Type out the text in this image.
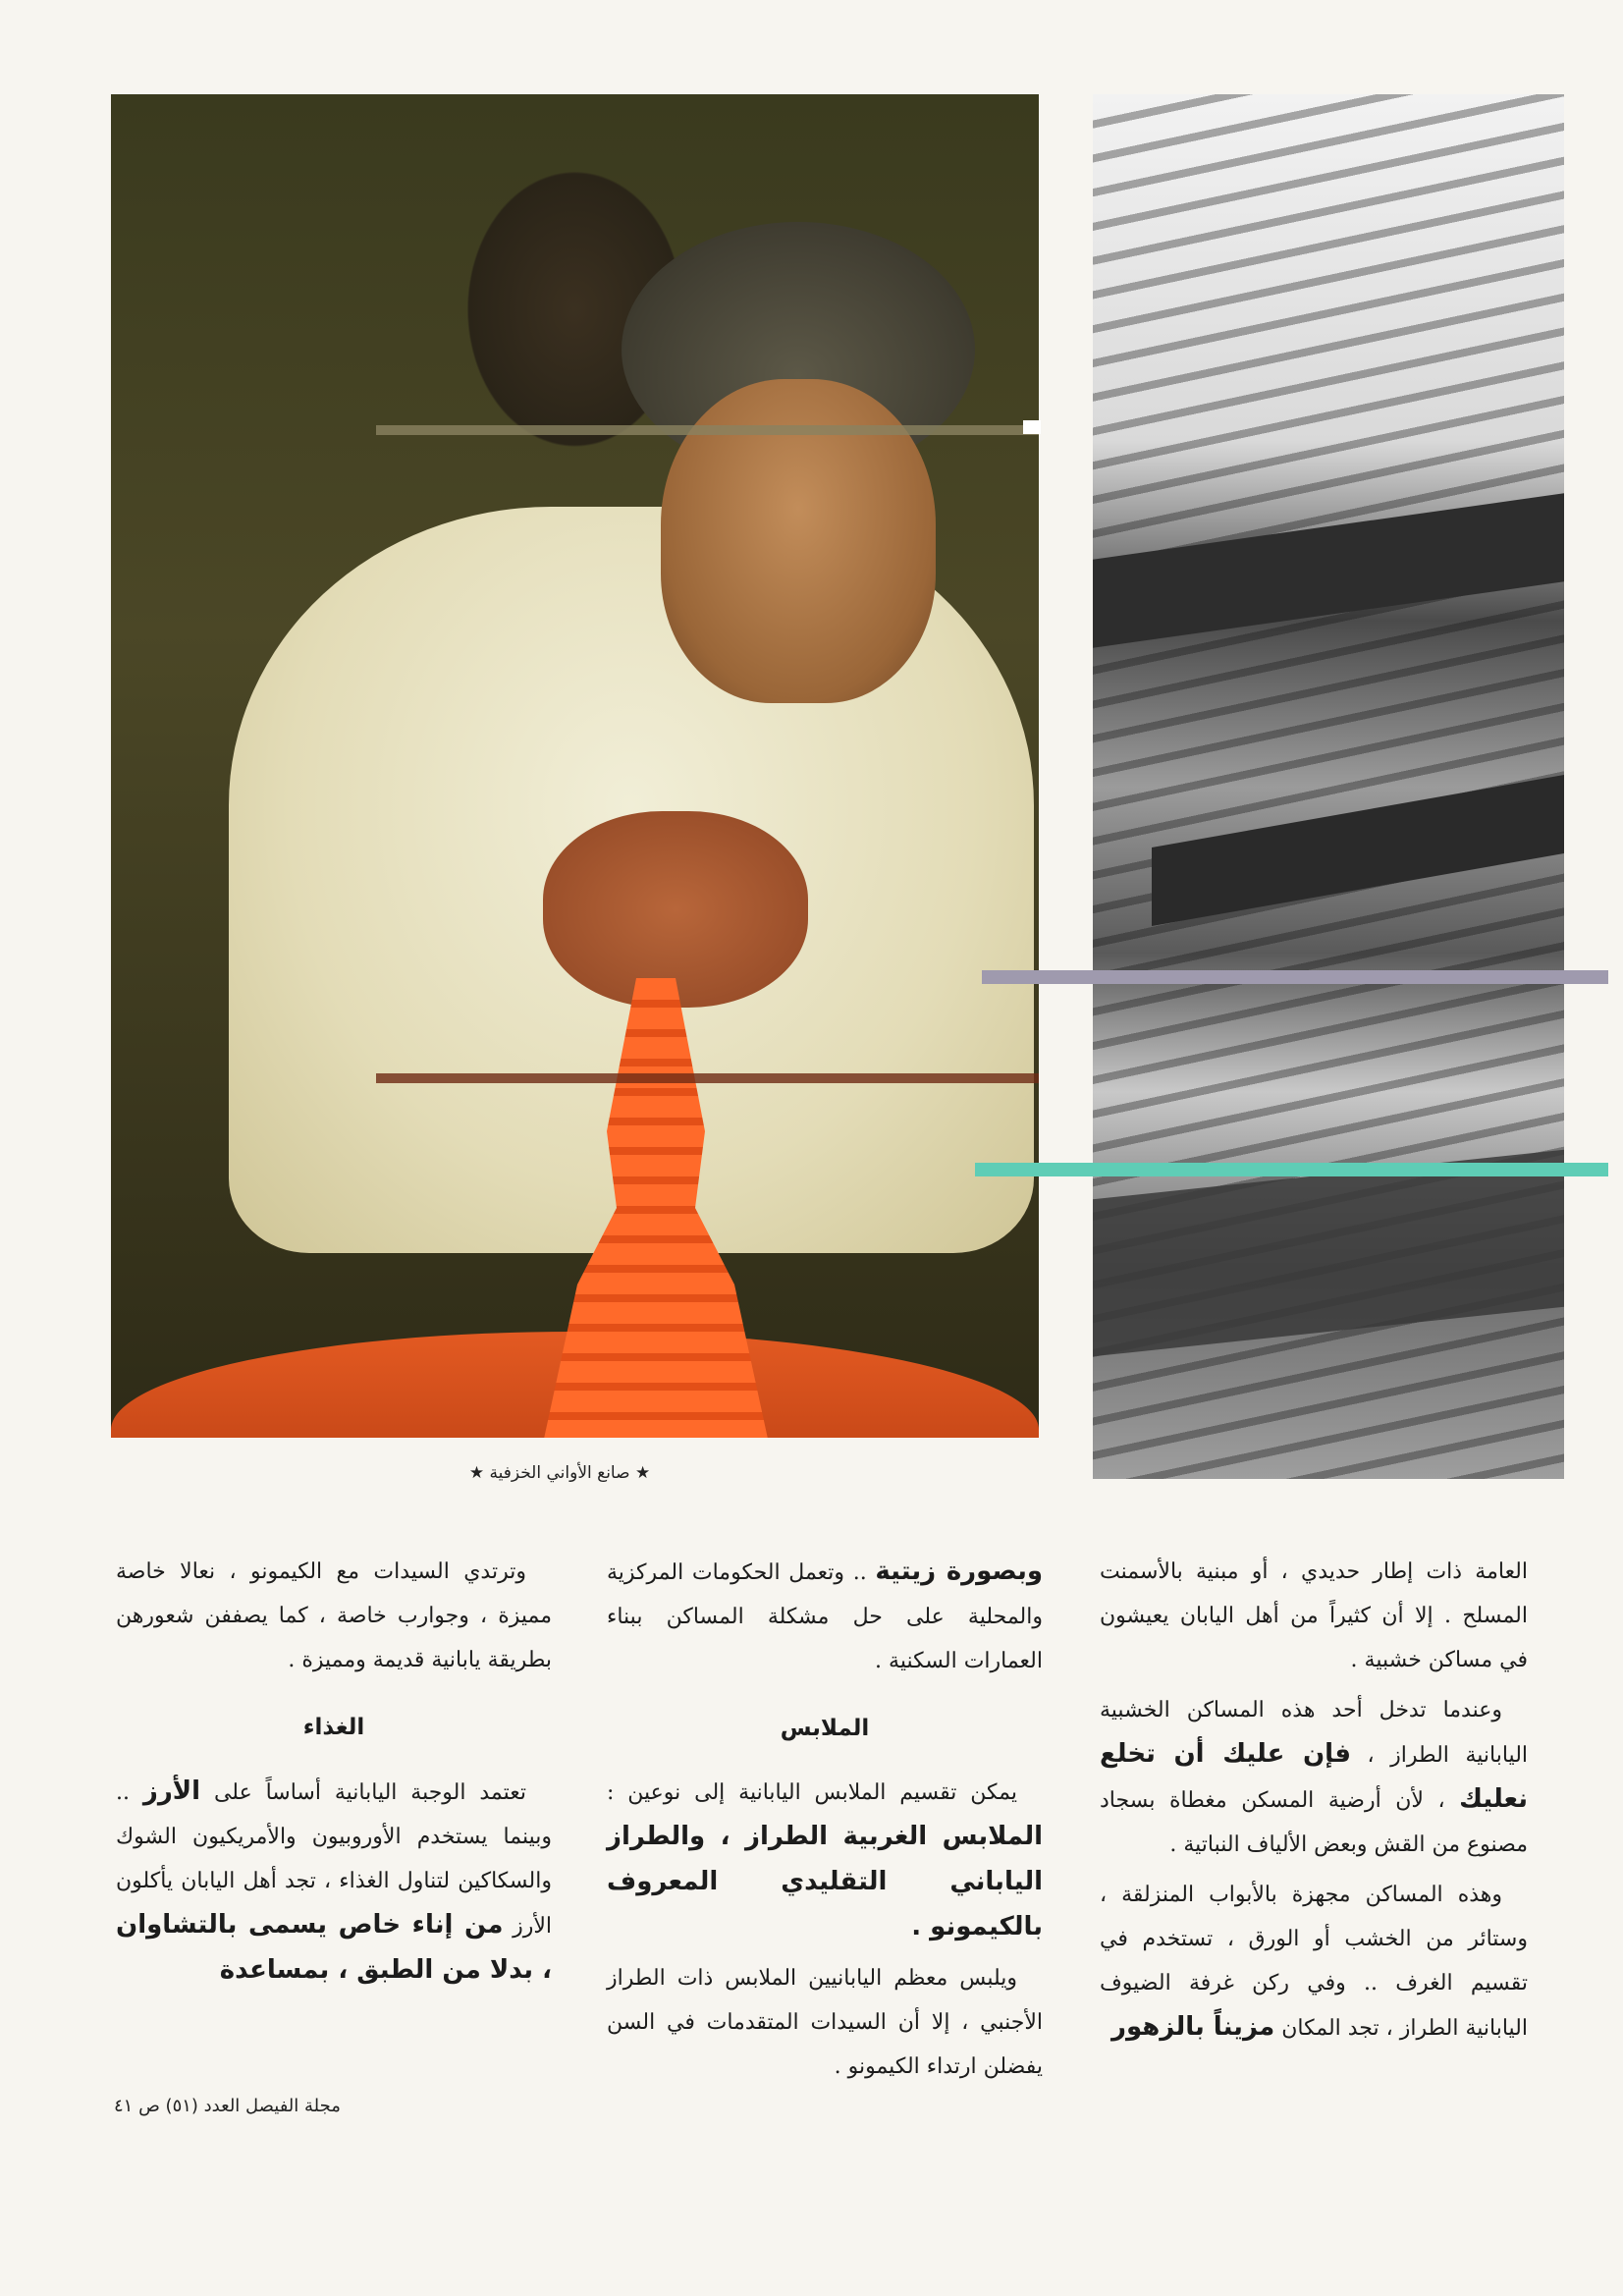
★ صانع الأواني الخزفية ★

العامة ذات إطار حديدي ، أو مبنية بالأسمنت المسلح . إلا أن كثيراً من أهل اليابان يعيشون في مساكن خشبية .

وعندما تدخل أحد هذه المساكن الخشبية اليابانية الطراز ، فإن عليك أن تخلع نعليك ، لأن أرضية المسكن مغطاة بسجاد مصنوع من القش وبعض الألياف النباتية .

وهذه المساكن مجهزة بالأبواب المنزلقة ، وستائر من الخشب أو الورق ، تستخدم في تقسيم الغرف .. وفي ركن غرفة الضيوف اليابانية الطراز ، تجد المكان مزيناً بالزهور

وبصورة زيتية .. وتعمل الحكومات المركزية والمحلية على حل مشكلة المساكن ببناء العمارات السكنية .

الملابس

يمكن تقسيم الملابس اليابانية إلى نوعين : الملابس الغربية الطراز ، والطراز الياباني التقليدي المعروف بالكيمونو .

ويلبس معظم اليابانيين الملابس ذات الطراز الأجنبي ، إلا أن السيدات المتقدمات في السن يفضلن ارتداء الكيمونو .

وترتدي السيدات مع الكيمونو ، نعالا خاصة مميزة ، وجوارب خاصة ، كما يصففن شعورهن بطريقة يابانية قديمة ومميزة .

الغذاء

تعتمد الوجبة اليابانية أساساً على الأرز .. وبينما يستخدم الأوروبيون والأمريكيون الشوك والسكاكين لتناول الغذاء ، تجد أهل اليابان يأكلون الأرز من إناء خاص يسمى بالتشاوان ، بدلا من الطبق ، بمساعدة

مجلة الفيصل العدد (٥١) ص ٤١
